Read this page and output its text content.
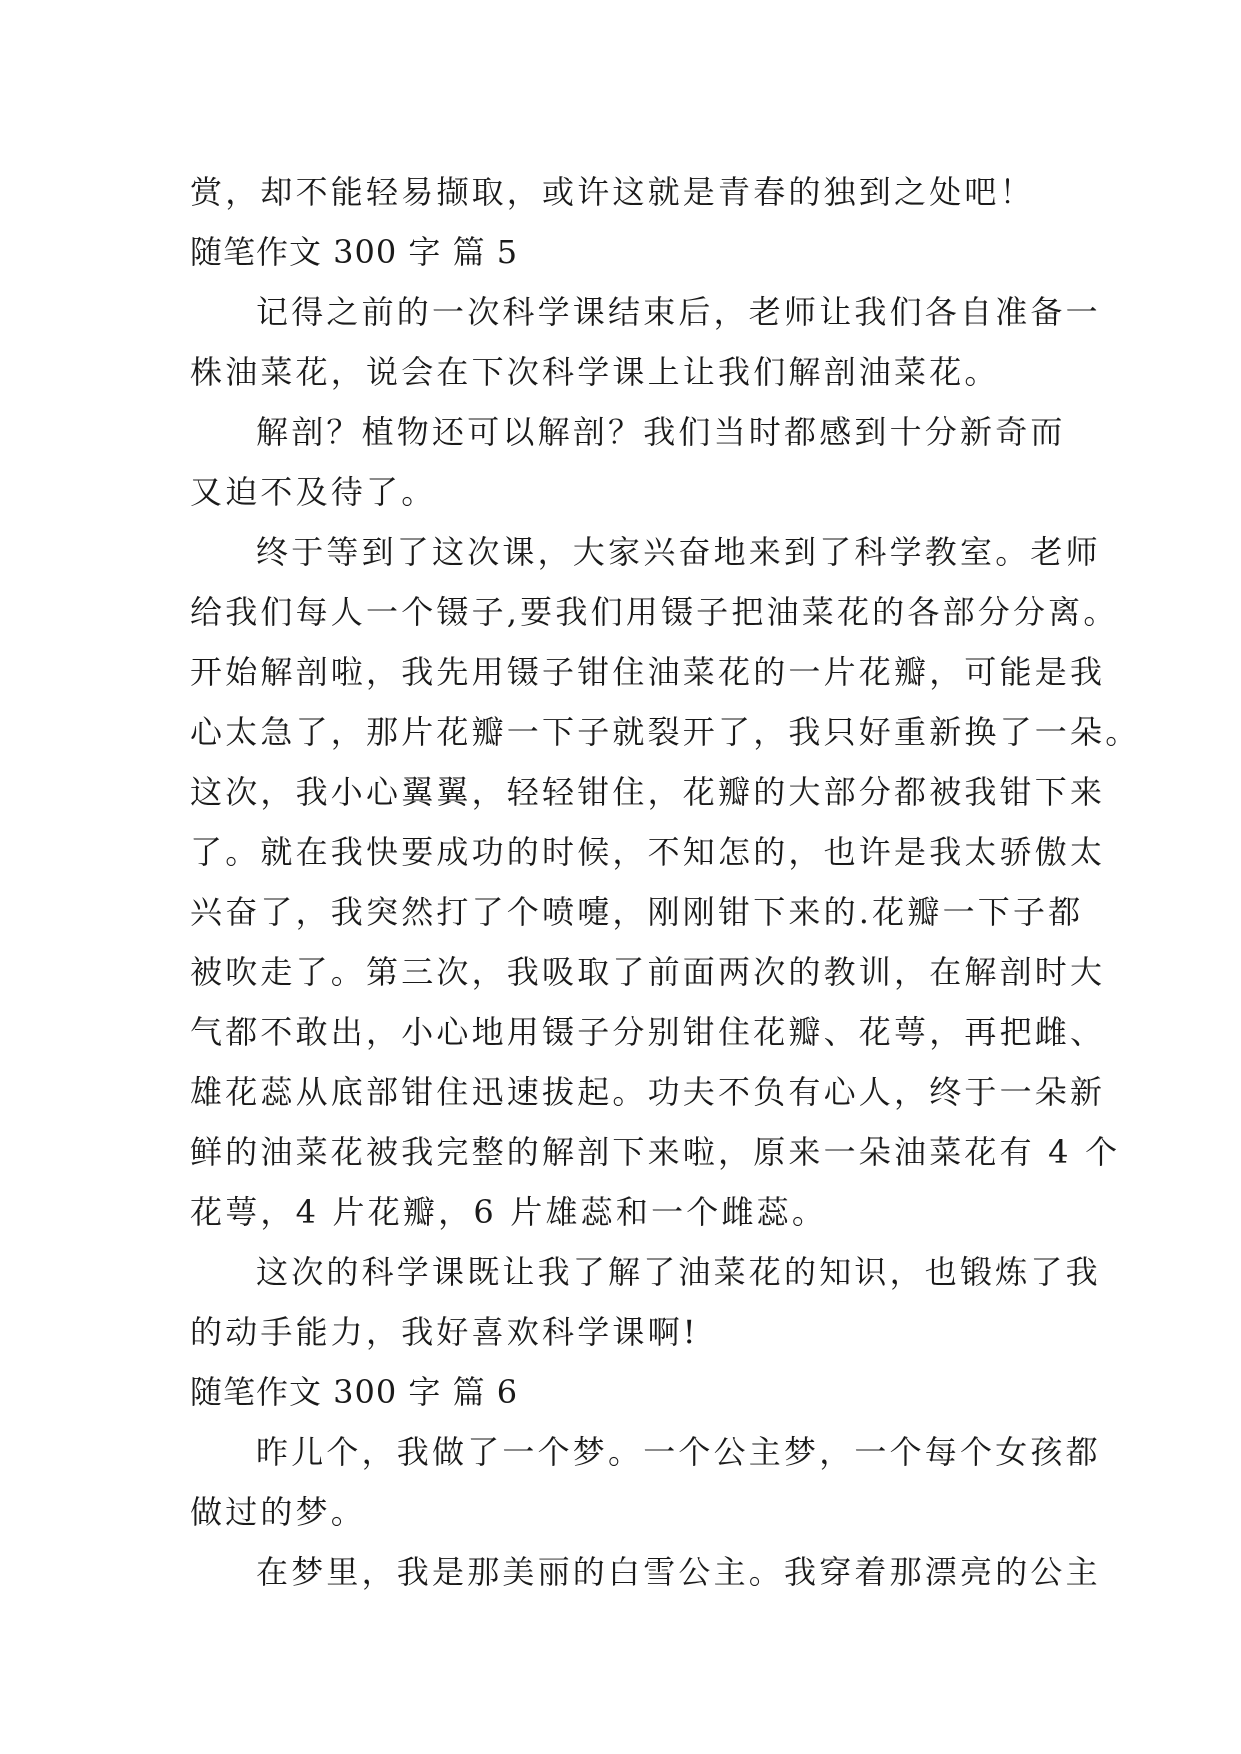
赏，却不能轻易撷取，或许这就是青春的独到之处吧！
随笔作文 300 字 篇 5
记得之前的一次科学课结束后，老师让我们各自准备一
株油菜花，说会在下次科学课上让我们解剖油菜花。
解剖？植物还可以解剖？我们当时都感到十分新奇而
又迫不及待了。
终于等到了这次课，大家兴奋地来到了科学教室。老师
给我们每人一个镊子,要我们用镊子把油菜花的各部分分离。
开始解剖啦，我先用镊子钳住油菜花的一片花瓣，可能是我
心太急了，那片花瓣一下子就裂开了，我只好重新换了一朵。
这次，我小心翼翼，轻轻钳住，花瓣的大部分都被我钳下来
了。就在我快要成功的时候，不知怎的，也许是我太骄傲太
兴奋了，我突然打了个喷嚏，刚刚钳下来的.花瓣一下子都
被吹走了。第三次，我吸取了前面两次的教训，在解剖时大
气都不敢出，小心地用镊子分别钳住花瓣、花萼，再把雌、
雄花蕊从底部钳住迅速拔起。功夫不负有心人，终于一朵新
鲜的油菜花被我完整的解剖下来啦，原来一朵油菜花有 4 个
花萼，4 片花瓣，6 片雄蕊和一个雌蕊。
这次的科学课既让我了解了油菜花的知识，也锻炼了我
的动手能力，我好喜欢科学课啊!
随笔作文 300 字 篇 6
昨儿个，我做了一个梦。一个公主梦，一个每个女孩都
做过的梦。
在梦里，我是那美丽的白雪公主。我穿着那漂亮的公主
